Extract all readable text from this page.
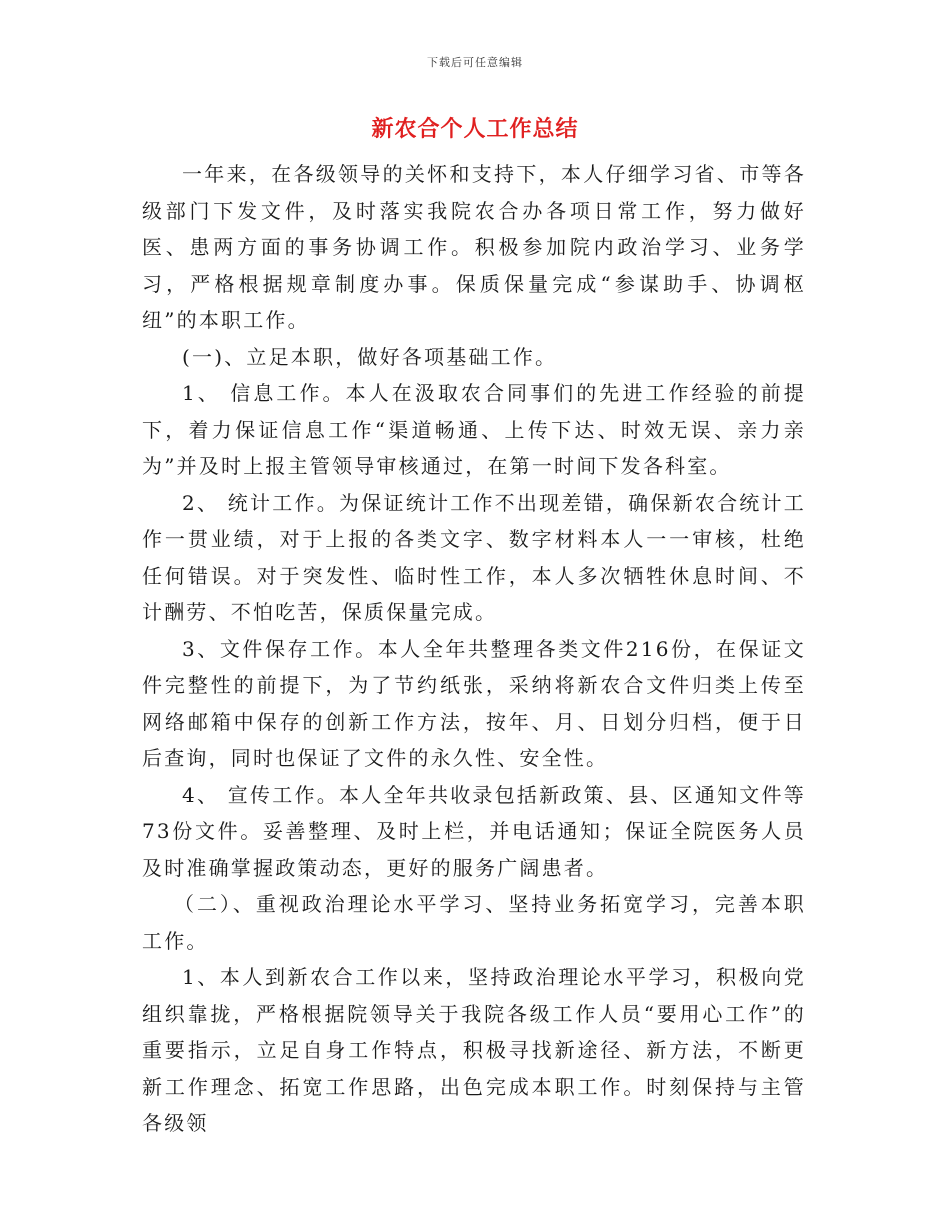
下载后可任意编辑
新农合个人工作总结

一年来，在各级领导的关怀和支持下，本人仔细学习省、市等各级部门下发文件，及时落实我院农合办各项日常工作，努力做好医、患两方面的事务协调工作。积极参加院内政治学习、业务学习，严格根据规章制度办事。保质保量完成“参谋助手、协调枢纽”的本职工作。

(一)、立足本职，做好各项基础工作。

1、 信息工作。本人在汲取农合同事们的先进工作经验的前提下，着力保证信息工作“渠道畅通、上传下达、时效无误、亲力亲为”并及时上报主管领导审核通过，在第一时间下发各科室。

2、 统计工作。为保证统计工作不出现差错，确保新农合统计工作一贯业绩，对于上报的各类文字、数字材料本人一一审核，杜绝任何错误。对于突发性、临时性工作，本人多次牺牲休息时间、不计酬劳、不怕吃苦，保质保量完成。

3、文件保存工作。本人全年共整理各类文件216份，在保证文件完整性的前提下，为了节约纸张，采纳将新农合文件归类上传至网络邮箱中保存的创新工作方法，按年、月、日划分归档，便于日后查询，同时也保证了文件的永久性、安全性。

4、 宣传工作。本人全年共收录包括新政策、县、区通知文件等73份文件。妥善整理、及时上栏，并电话通知；保证全院医务人员及时准确掌握政策动态，更好的服务广阔患者。

（二）、重视政治理论水平学习、坚持业务拓宽学习，完善本职工作。

1、本人到新农合工作以来，坚持政治理论水平学习，积极向党组织靠拢，严格根据院领导关于我院各级工作人员“要用心工作”的重要指示，立足自身工作特点，积极寻找新途径、新方法，不断更新工作理念、拓宽工作思路，出色完成本职工作。时刻保持与主管各级领
